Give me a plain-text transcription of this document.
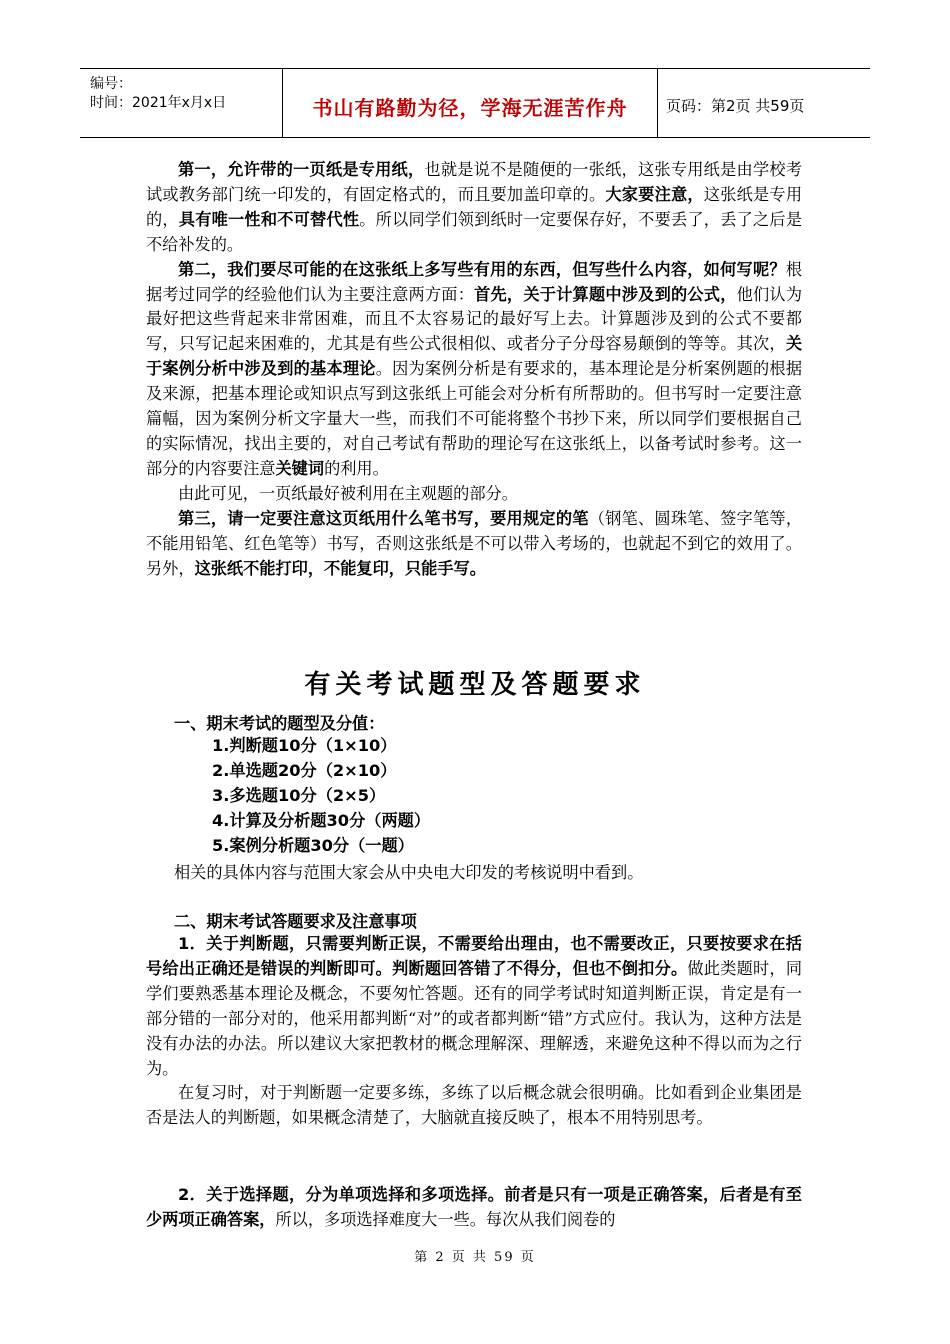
编号：
时间：2021年x月x日	书山有路勤为径，学海无涯苦作舟	页码：第2页 共59页

第一，允许带的一页纸是专用纸，也就是说不是随便的一张纸，这张专用纸是由学校考试或教务部门统一印发的，有固定格式的，而且要加盖印章的。大家要注意，这张纸是专用的，具有唯一性和不可替代性。所以同学们领到纸时一定要保存好，不要丢了，丢了之后是不给补发的。

第二，我们要尽可能的在这张纸上多写些有用的东西，但写些什么内容，如何写呢？根据考过同学的经验他们认为主要注意两方面：首先，关于计算题中涉及到的公式，他们认为最好把这些背起来非常困难，而且不太容易记的最好写上去。计算题涉及到的公式不要都写，只写记起来困难的，尤其是有些公式很相似、或者分子分母容易颠倒的等等。其次，关于案例分析中涉及到的基本理论。因为案例分析是有要求的，基本理论是分析案例题的根据及来源，把基本理论或知识点写到这张纸上可能会对分析有所帮助的。但书写时一定要注意篇幅，因为案例分析文字量大一些，而我们不可能将整个书抄下来，所以同学们要根据自己的实际情况，找出主要的，对自己考试有帮助的理论写在这张纸上，以备考试时参考。这一部分的内容要注意关键词的利用。

由此可见，一页纸最好被利用在主观题的部分。

第三，请一定要注意这页纸用什么笔书写，要用规定的笔（钢笔、圆珠笔、签字笔等，不能用铅笔、红色笔等）书写，否则这张纸是不可以带入考场的，也就起不到它的效用了。另外，这张纸不能打印，不能复印，只能手写。

有关考试题型及答题要求
一、期末考试的题型及分值：
1.判断题10分（1×10）
2.单选题20分（2×10）
3.多选题10分（2×5）
4.计算及分析题30分（两题）
5.案例分析题30分（一题）
相关的具体内容与范围大家会从中央电大印发的考核说明中看到。
二、期末考试答题要求及注意事项

1．关于判断题，只需要判断正误，不需要给出理由，也不需要改正，只要按要求在括号给出正确还是错误的判断即可。判断题回答错了不得分，但也不倒扣分。做此类题时，同学们要熟悉基本理论及概念，不要匆忙答题。还有的同学考试时知道判断正误，肯定是有一部分错的一部分对的，他采用都判断“对”的或者都判断“错”方式应付。我认为，这种方法是没有办法的办法。所以建议大家把教材的概念理解深、理解透，来避免这种不得以而为之行为。

在复习时，对于判断题一定要多练，多练了以后概念就会很明确。比如看到企业集团是否是法人的判断题，如果概念清楚了，大脑就直接反映了，根本不用特别思考。

2．关于选择题，分为单项选择和多项选择。前者是只有一项是正确答案，后者是有至少两项正确答案，所以，多项选择难度大一些。每次从我们阅卷的

第 2 页 共 59 页
